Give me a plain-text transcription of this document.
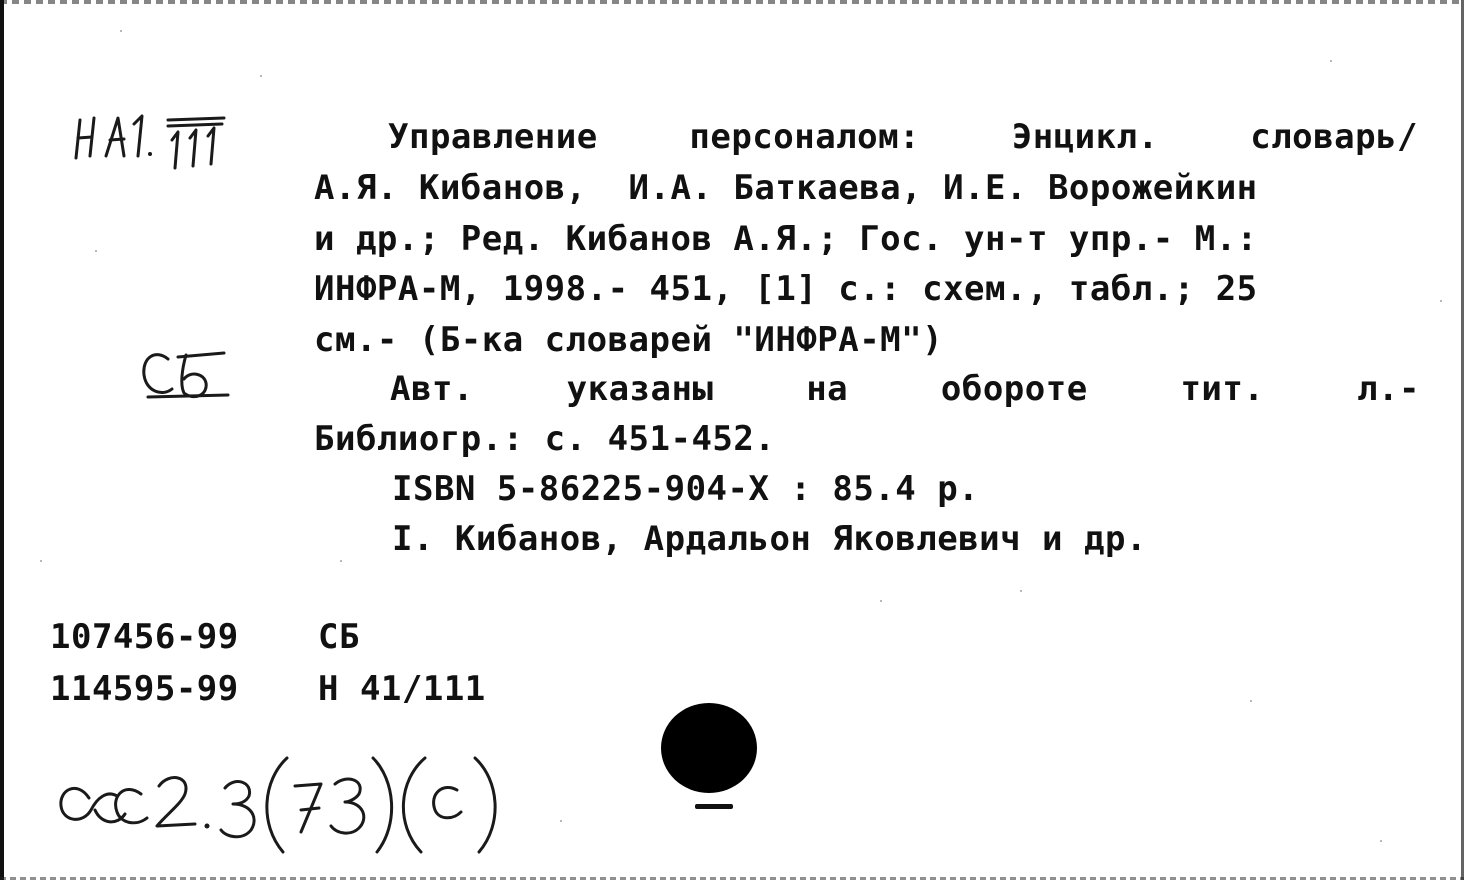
Управление	персоналом:	Энцикл.	словарь/
А.Я. Кибанов,  И.А. Баткаева, И.Е. Ворожейкин
и др.; Ред. Кибанов А.Я.; Гос. ун-т упр.- М.:
ИНФРА-М, 1998.- 451, [1] с.: схем., табл.; 25
см.- (Б-ка словарей "ИНФРА-М")
Авт.	указаны	на	обороте	тит.	л.-
Библиогр.: с. 451-452.
ISBN 5-86225-904-X : 85.4 р.
I. Кибанов, Ардальон Яковлевич и др.
107456-99 СБ
114595-99 Н 41/111
